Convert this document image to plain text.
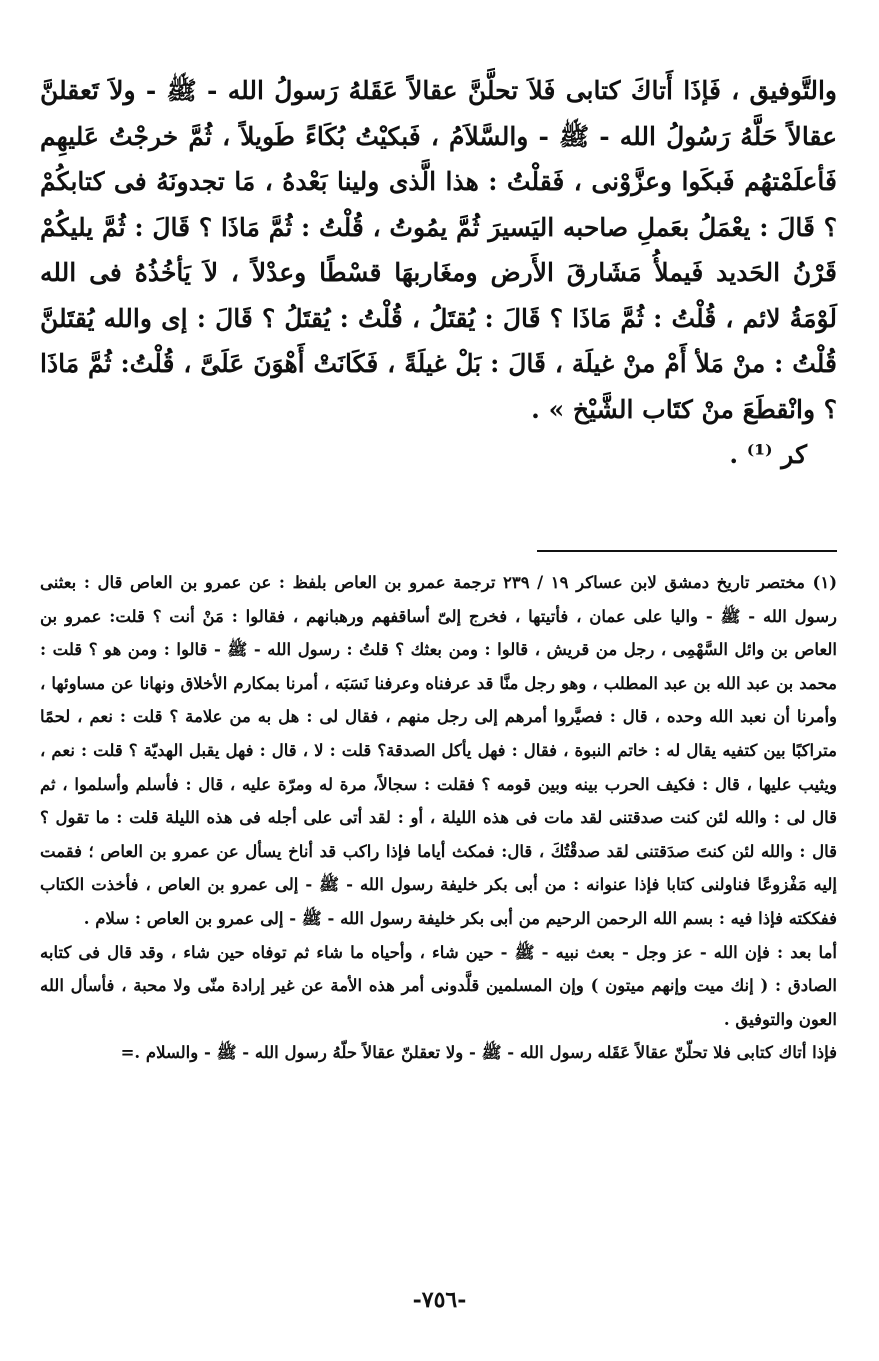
والتَّوفيق ، فَإذَا أَتاكَ كتابى فَلاَ تحلَّنَّ عقالاً عَقَلهُ رَسولُ الله - ﷺ - ولاَ تَعقلنَّ عقالاً حَلَّهُ رَسُولُ الله - ﷺ - والسَّلاَمُ ، فَبكيْتُ بُكَاءً طَويلاً ، ثُمَّ خرجْتُ عَليهِم فَأعلَمْتهُم فَبكَوا وعزَّوْنى ، فَقلْتُ : هذا الَّذى ولينا بَعْدهُ ، مَا تجدونَهُ فى كتابكُمْ ؟ قَالَ : يعْمَلُ بعَملِ صاحبه اليَسيرَ ثُمَّ يمُوتُ ، قُلْتُ : ثُمَّ مَاذَا ؟ قَالَ : ثُمَّ يليكُمْ قَرْنُ الحَديد فَيملأُ مَشَارقَ الأَرض ومغَاربهَا قسْطًا وعدْلاً ، لاَ يَأخُذُهُ فى الله لَوْمَةُ لائم ، قُلْتُ : ثُمَّ مَاذَا ؟ قَالَ : يُقتَلُ ، قُلْتُ : يُقتَلُ ؟ قَالَ : إى والله يُقتَلنَّ قُلْتُ : منْ مَلأ أَمْ منْ غيلَة ، قَالَ : بَلْ غيلَةً ، فَكَانَتْ أَهْوَنَ عَلَىَّ ، قُلْتُ: ثُمَّ مَاذَا ؟ وانْقطَعَ منْ كتَاب الشَّيْخ » .

كر ⁽¹⁾ .

(١) مختصر تاريخ دمشق لابن عساكر ١٩ / ٢٣٩ ترجمة عمرو بن العاص بلفظ : عن عمرو بن العاص قال : بعثنى رسول الله - ﷺ - واليا على عمان ، فأتيتها ، فخرج إلىّ أساقفهم ورهبانهم ، فقالوا : مَنْ أنت ؟ قلت: عمرو بن العاص بن وائل السَّهْمِى ، رجل من قريش ، قالوا : ومن بعثك ؟ قلتُ : رسول الله - ﷺ - قالوا : ومن هو ؟ قلت : محمد بن عبد الله بن عبد المطلب ، وهو رجل منَّا قد عرفناه وعرفنا نَسَبَه ، أمرنا بمكارم الأخلاق ونهانا عن مساوئها ، وأمرنا أن نعبد الله وحده ، قال : فصيَّروا أمرهم إلى رجل منهم ، فقال لى : هل به من علامة ؟ قلت : نعم ، لحمًا متراكبًا بين كتفيه يقال له : خاتم النبوة ، فقال : فهل يأكل الصدقة؟ قلت : لا ، قال : فهل يقبل الهديّة ؟ قلت : نعم ، ويثيب عليها ، قال : فكيف الحرب بينه وبين قومه ؟ فقلت : سجالاً، مرة له ومرّة عليه ، قال : فأسلم وأسلموا ، ثم قال لى : والله لئن كنت صدقتنى لقد مات فى هذه الليلة ، أو : لقد أتى على أجله فى هذه الليلة قلت : ما تقول ؟ قال : والله لئن كنتَ صدَقتنى لقد صدقْتُكَ ، قال: فمكث أياما فإذا راكب قد أناخ يسأل عن عمرو بن العاص ؛ فقمت إليه مَفْزوعًا فناولنى كتابا فإذا عنوانه : من أبى بكر خليفة رسول الله - ﷺ - إلى عمرو بن العاص ، فأخذت الكتاب ففككته فإذا فيه : بسم الله الرحمن الرحيم من أبى بكر خليفة رسول الله - ﷺ - إلى عمرو بن العاص : سلام .

أما بعد : فإن الله - عز وجل - بعث نبيه - ﷺ - حين شاء ، وأحياه ما شاء ثم توفاه حين شاء ، وقد قال فى كتابه الصادق : ( إنك ميت وإنهم ميتون ) وإن المسلمين قلَّدونى أمر هذه الأمة عن غير إرادة منّى ولا محبة ، فأسأل الله العون والتوفيق .

فإذا أتاك كتابى فلا تحلّنّ عقالاً عَقَله رسول الله - ﷺ - ولا تعقلنّ عقالاً حلّهُ رسول الله - ﷺ - والسلام .=

-٧٥٦-
